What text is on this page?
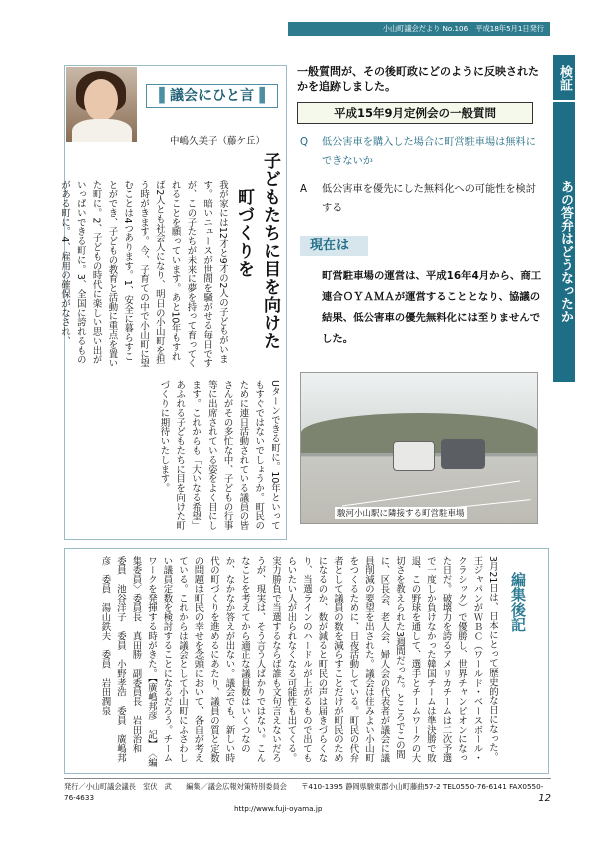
小山町議会だより No.106　平成18年5月1日発行
▌議会にひと言▐
中嶋久美子（藤ケ丘）
子どもたちに目を向けた
町づくりを
我が家には12才と9才の2人の子どもがいます。暗いニュースが世間を騒がせる毎日ですが、この子たちが未来に夢を持って育ってくれることを願っています。あと10年もすれば2人とも社会人になり、明日の小山町を担う時がきます。今、子育ての中で小山町に望むことは4つあります。1、安全に暮らすことができ、子どもの教育と活動に重点を置いた町に。2、子どもの時代に楽しい思い出がいっぱいできる町に。3、全国に誇れるものがある町に。4、雇用の確保がなされ、
Uターンできる町に。10年といってもすぐではないでしょうか。町民のために連日活動されている議員の皆さんがその多忙な中、子どもの行事等に出席されている姿をよく目にします。これからも「大いなる希望」あふれる子どもたちに目を向けた町づくりに期待いたします。
検証
あの答弁はどうなったか
一般質問が、その後町政にどのように反映されたかを追跡しました。
平成15年9月定例会の一般質問
Q 低公害車を購入した場合に町営駐車場は無料にできないか
A 低公害車を優先にした無料化への可能性を検討する
現在は
町営駐車場の運営は、平成16年4月から、商工連合ＯＹＡＭＡが運営することとなり、協議の結果、低公害車の優先無料化には至りませんでした。
駿河小山駅に隣接する町営駐車場
編集後記
3月21日は、日本にとって歴史的な日になった。王ジャパンがＷＢＣ（ワールド・ベースボール・クラシック）で優勝し、世界チャンピオンになった日だ。破壊力を誇るアメリカチームは二次予選で一度しか負けなかった韓国チームは準決勝で敗退、この野球を通して、選手とチームワークの大切さを教えられた3週間だった。ところでこの間に、区長会、老人会、婦人会の代表者が議会に議員削減の要望を出された。議会は住みよい小山町をつくるために、日夜活動している。町民の代弁者として議員の数を減らすことだけが町民のためになるのか、数が減ると町民の声は届きづらくなり、当選ラインのハードルが上がるもので出てもらいたい人が出られなくなる可能性も出てくる。実力勝負で当選するならば誰も文句言えないだろうが、現実は、そう言う人ばかりではない。こんなことを考えてから適正な議員数はいくつなのか、なかなか答えが出ない。議会でも、新しい時代の町づくりを進めるにあたり、議員の質と定数の問題は町民の幸せを念頭において、各自が考えている。これからは議会として小山町にふさわしい議員定数を検討することになるだろう。チームワークを発揮する時がきた。【廣嶋邦彦　記】　〈編集委員〉委員長　真田勝　副委員長　岩田治和　委員　池谷洋子　委員　小野孝浩　委員　廣嶋邦彦　委員　湯山鉄夫　委員　岩田潤泉
発行／小山町議会議長　室伏　武　　編集／議会広報対策特別委員会　　〒410-1395 静岡県駿東郡小山町藤曲57-2 TEL0550-76-6141 FAX0550-76-4633
http://www.fuji-oyama.jp
12
